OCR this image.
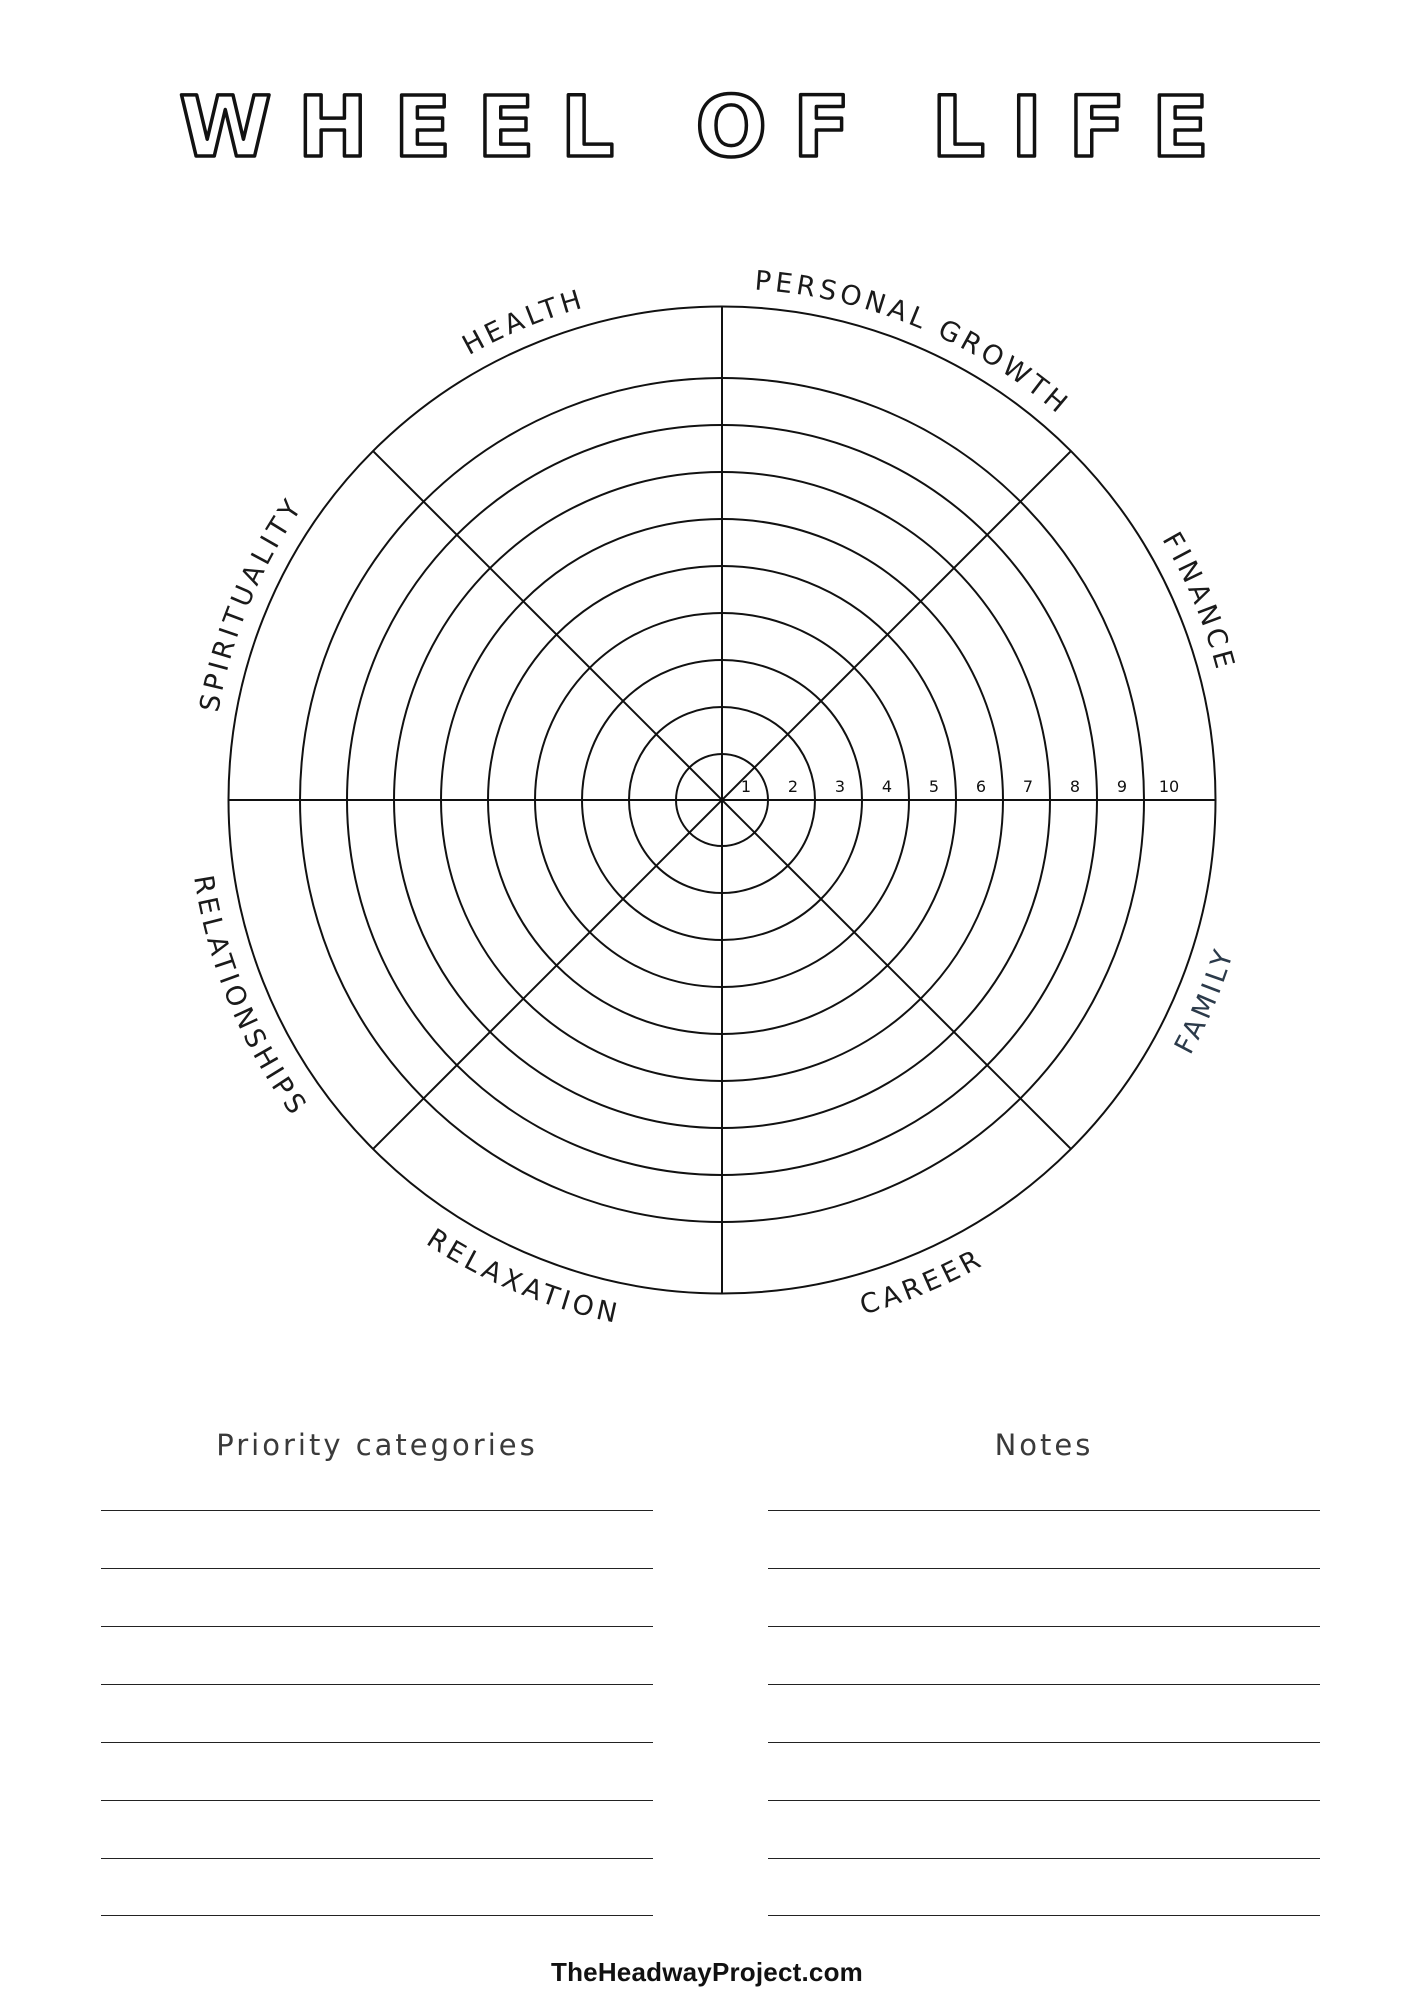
WHEEL OF LIFE
1 2 3 4 5 6 7 8 9 10
HEALTH
PERSONAL GROWTH
FINANCE
FAMILY
CAREER
RELAXATION
RELATIONSHIPS
SPIRITUALITY
Priority categories	Notes
TheHeadwayProject.com
